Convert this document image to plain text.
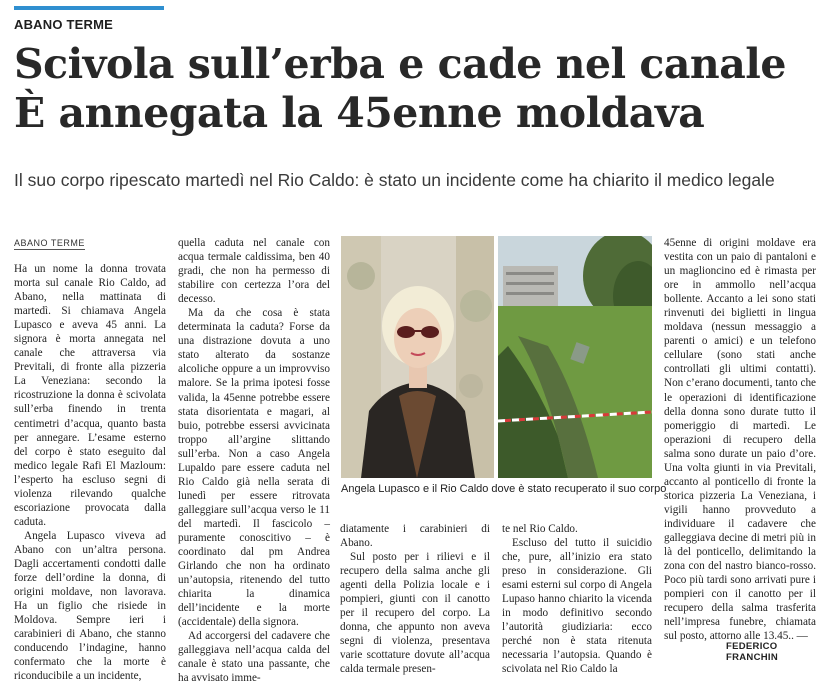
ABANO TERME
Scivola sull’erba e cade nel canale
È annegata la 45enne moldava
Il suo corpo ripescato martedì nel Rio Caldo: è stato un incidente come ha chiarito il medico legale
ABANO TERME

Ha un nome la donna trovata morta sul canale Rio Caldo, ad Abano, nella mattinata di martedì. Si chiamava Angela Lupasco e aveva 45 anni. La signora è morta annegata nel canale che attraversa via Previtali, di fronte alla pizzeria La Veneziana: secondo la ricostruzione la donna è scivolata sull’erba finendo in trenta centimetri d’acqua, quanto basta per annegare. L’esame esterno del corpo è stato eseguito dal medico legale Rafi El Mazloum: l’esperto ha escluso segni di violenza rilevando qualche escoriazione provocata dalla caduta.

Angela Lupasco viveva ad Abano con un’altra persona. Dagli accertamenti condotti dalle forze dell’ordine la donna, di origini moldave, non lavorava. Ha un figlio che risiede in Moldova. Sempre ieri i carabinieri di Abano, che stanno conducendo l’indagine, hanno confermato che la morte è riconducibile a un incidente,

quella caduta nel canale con acqua termale caldissima, ben 40 gradi, che non ha permesso di stabilire con certezza l’ora del decesso.

Ma da che cosa è stata determinata la caduta? Forse da una distrazione dovuta a uno stato alterato da sostanze alcoliche oppure a un improvviso malore. Se la prima ipotesi fosse valida, la 45enne potrebbe essere stata disorientata e magari, al buio, potrebbe essersi avvicinata troppo all’argine slittando sull’erba. Non a caso Angela Lupaldo pare essere caduta nel Rio Caldo già nella serata di lunedì per essere ritrovata galleggiare sull’acqua verso le 11 del martedì. Il fascicolo – puramente conoscitivo – è coordinato dal pm Andrea Girlando che non ha ordinato un’autopsia, ritenendo del tutto chiarita la dinamica dell’incidente e la morte (accidentale) della signora.

Ad accorgersi del cadavere che galleggiava nell’acqua calda del canale è stato una passante, che ha avvisato imme-

Angela Lupasco e il Rio Caldo dove è stato recuperato il suo corpo

diatamente i carabinieri di Abano.

Sul posto per i rilievi e il recupero della salma anche gli agenti della Polizia locale e i pompieri, giunti con il canotto per il recupero del corpo. La donna, che appunto non aveva segni di violenza, presentava varie scottature dovute all’acqua calda termale presen-

te nel Rio Caldo.

Escluso del tutto il suicidio che, pure, all’inizio era stato preso in considerazione. Gli esami esterni sul corpo di Angela Lupaso hanno chiarito la vicenda in modo definitivo secondo l’autorità giudiziaria: ecco perché non è stata ritenuta necessaria l’autopsia. Quando è scivolata nel Rio Caldo la

45enne di origini moldave era vestita con un paio di pantaloni e un maglioncino ed è rimasta per ore in ammollo nell’acqua bollente. Accanto a lei sono stati rinvenuti dei biglietti in lingua moldava (nessun messaggio a parenti o amici) e un telefono cellulare (sono stati anche controllati gli ultimi contatti). Non c’erano documenti, tanto che le operazioni di identificazione della donna sono durate tutto il pomeriggio di martedì. Le operazioni di recupero della salma sono durate un paio d’ore. Una volta giunti in via Previtali, accanto al ponticello di fronte la storica pizzeria La Veneziana, i vigili hanno provveduto a individuare il cadavere che galleggiava decine di metri più in là del ponticello, delimitando la zona con del nastro bianco-rosso. Poco più tardi sono arrivati pure i pompieri con il canotto per il recupero della salma trasferita nell’impresa funebre, chiamata sul posto, attorno alle 13.45.. —

FEDERICO FRANCHIN
